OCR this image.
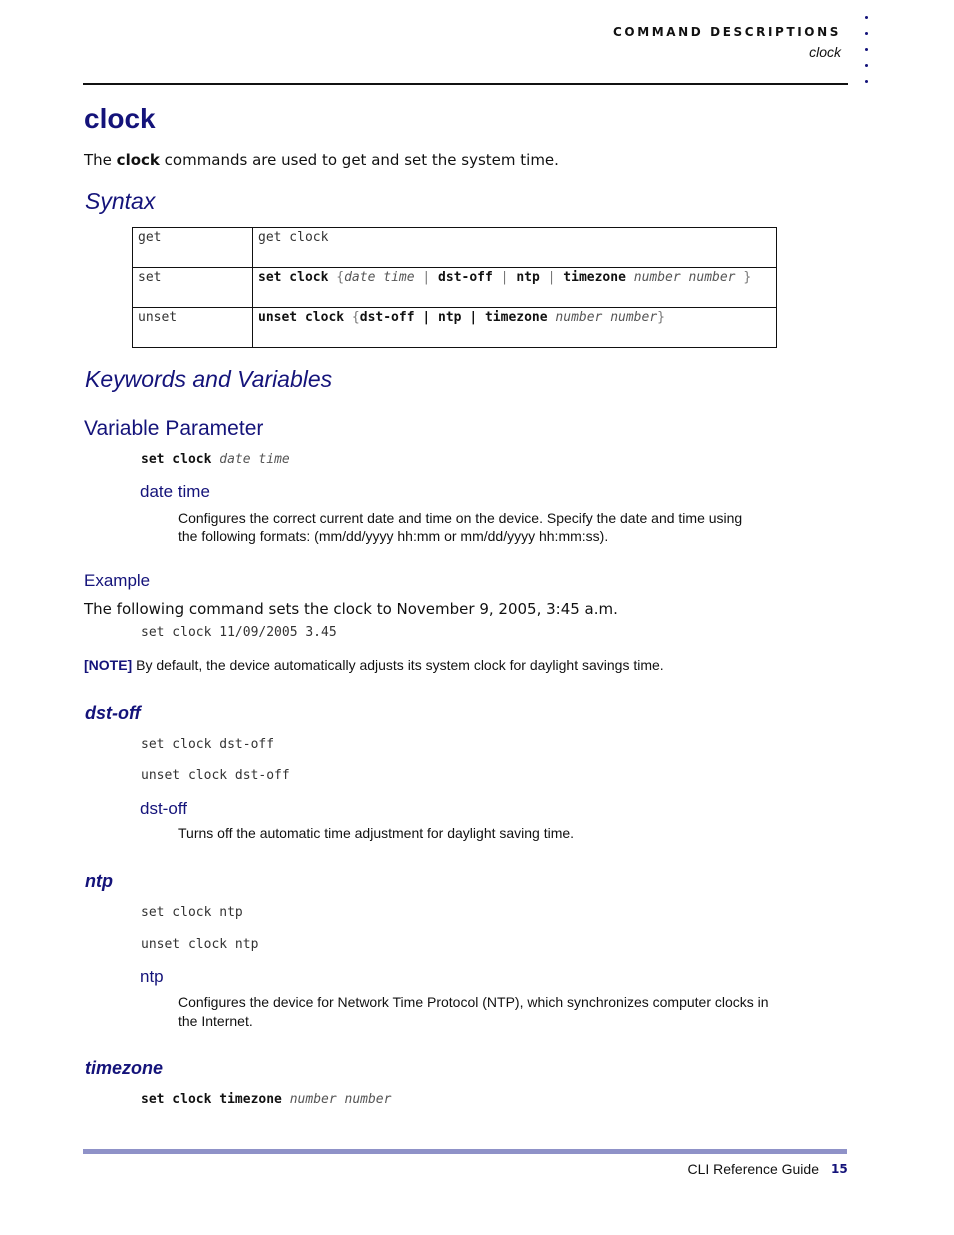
COMMAND DESCRIPTIONS
clock
clock
The clock commands are used to get and set the system time.
Syntax
get	get clock
set	set clock {date time | dst-off | ntp | timezone number number }
unset	unset clock {dst-off | ntp | timezone number number}
Keywords and Variables
Variable Parameter
set clock date time
date time
Configures the correct current date and time on the device. Specify the date and time using
the following formats: (mm/dd/yyyy hh:mm or mm/dd/yyyy hh:mm:ss).
Example
The following command sets the clock to November 9, 2005, 3:45 a.m.
set clock 11/09/2005 3.45
[NOTE] By default, the device automatically adjusts its system clock for daylight savings time.
dst-off
set clock dst-off
unset clock dst-off
dst-off
Turns off the automatic time adjustment for daylight saving time.
ntp
set clock ntp
unset clock ntp
ntp
Configures the device for Network Time Protocol (NTP), which synchronizes computer clocks in
the Internet.
timezone
set clock timezone number number
CLI Reference Guide 15
